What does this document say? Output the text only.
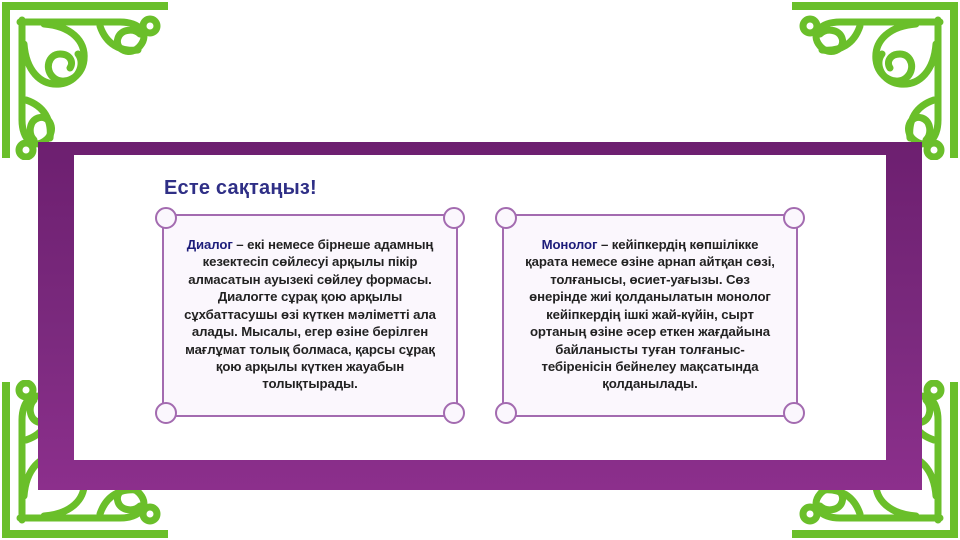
Есте сақтаңыз!

Диалог – екі немесе бірнеше адамның кезектесіп сөйлесуі арқылы пікір алмасатын ауызекі сөйлеу формасы. Диалогте сұрақ қою арқылы сұхбаттасушы өзі күткен мәліметті ала алады. Мысалы, егер өзіне берілген мағлұмат толық болмаса, қарсы сұрақ қою арқылы күткен жауабын толықтырады.

Монолог – кейіпкердің көпшілікке қарата немесе өзіне арнап айтқан сөзі, толғанысы, өсиет-уағызы. Сөз өнерінде жиі қолданылатын монолог кейіпкердің ішкі жай-күйін, сырт ортаның өзіне әсер еткен жағдайына байланысты туған толғаныс-тебіренісін бейнелеу мақсатында қолданылады.
